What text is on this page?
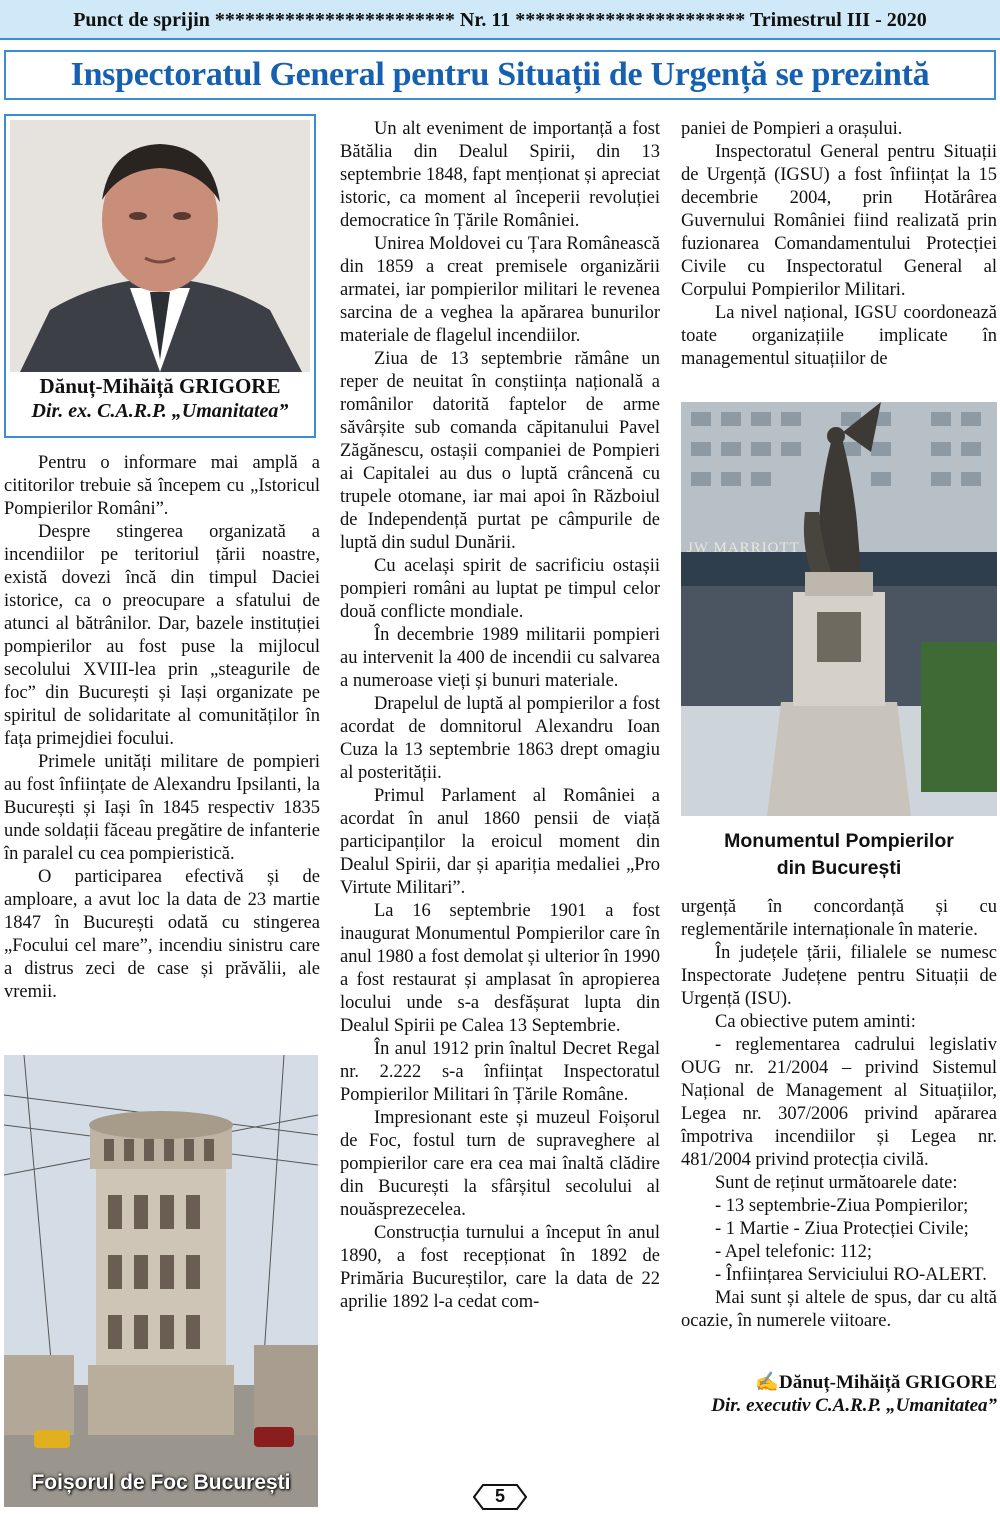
Punct de sprijin ************************ Nr. 11 *********************** Trimestrul III - 2020
Inspectoratul General pentru Situații de Urgență se prezintă
Dănuț-Mihăiță GRIGORE
Dir. ex. C.A.R.P. „Umanitatea”

Pentru o informare mai amplă a cititorilor trebuie să începem cu „Istoricul Pompierilor Români”.

Despre stingerea organizată a incendiilor pe teritoriul țării noastre, există dovezi încă din timpul Daciei istorice, ca o preocupare a sfatului de atunci al bătrânilor. Dar, bazele instituției pompierilor au fost puse la mijlocul secolului XVIII-lea prin „steagurile de foc” din București și Iași organizate pe spiritul de solidaritate al comunităților în fața primejdiei focului.

Primele unități militare de pompieri au fost înființate de Alexandru Ipsilanti, la București și Iași în 1845 respectiv 1835 unde soldații făceau pregătire de infanterie în paralel cu cea pompieristică.

O participarea efectivă și de amploare, a avut loc la data de 23 martie 1847 în București odată cu stingerea „Focului cel mare”, incendiu sinistru care a distrus zeci de case și prăvălii, ale vremii.

Foișorul de Foc București

Un alt eveniment de importanță a fost Bătălia din Dealul Spirii, din 13 septembrie 1848, fapt menționat și apreciat istoric, ca moment al începerii revoluției democratice în Țările României.

Unirea Moldovei cu Țara Românească din 1859 a creat premisele organizării armatei, iar pompierilor militari le revenea sarcina de a veghea la apărarea bunurilor materiale de flagelul incendiilor.

Ziua de 13 septembrie rămâne un reper de neuitat în conștiința națională a românilor datorită faptelor de arme săvârșite sub comanda căpitanului Pavel Zăgănescu, ostașii companiei de Pompieri ai Capitalei au dus o luptă crâncenă cu trupele otomane, iar mai apoi în Războiul de Independență purtat pe câmpurile de luptă din sudul Dunării.

Cu același spirit de sacrificiu ostașii pompieri români au luptat pe timpul celor două conflicte mondiale.

În decembrie 1989 militarii pompieri au intervenit la 400 de incendii cu salvarea a numeroase vieți și bunuri materiale.

Drapelul de luptă al pompierilor a fost acordat de domnitorul Alexandru Ioan Cuza la 13 septembrie 1863 drept omagiu al posterității.

Primul Parlament al României a acordat în anul 1860 pensii de viață participanților la eroicul moment din Dealul Spirii, dar și apariția medaliei „Pro Virtute Militari”.

La 16 septembrie 1901 a fost inaugurat Monumentul Pompierilor care în anul 1980 a fost demolat și ulterior în 1990 a fost restaurat și amplasat în apropierea locului unde s-a desfășurat lupta din Dealul Spirii pe Calea 13 Septembrie.

În anul 1912 prin înaltul Decret Regal nr. 2.222 s-a înființat Inspectoratul Pompierilor Militari în Țările Române.

Impresionant este și muzeul Foișorul de Foc, fostul turn de supraveghere al pompierilor care era cea mai înaltă clădire din București la sfârșitul secolului al nouăsprezecelea.

Construcția turnului a început în anul 1890, a fost recepționat în 1892 de Primăria Bucureștilor, care la data de 22 aprilie 1892 l-a cedat com-

paniei de Pompieri a orașului.

Inspectoratul General pentru Situații de Urgență (IGSU) a fost înființat la 15 decembrie 2004, prin Hotărârea Guvernului României fiind realizată prin fuzionarea Comandamentului Protecției Civile cu Inspectoratul General al Corpului Pompierilor Militari.

La nivel național, IGSU coordonează toate organizațiile implicate în managementul situațiilor de

JW MARRIOTT
Monumentul Pompierilor
din București

urgență în concordanță și cu reglementările internaționale în materie.

În județele țării, filialele se numesc Inspectorate Județene pentru Situații de Urgență (ISU).

Ca obiective putem aminti:

- reglementarea cadrului legislativ OUG nr. 21/2004 – privind Sistemul Național de Management al Situațiilor, Legea nr. 307/2006 privind apărarea împotriva incendiilor și Legea nr. 481/2004 privind protecția civilă.

Sunt de reținut următoarele date:

- 13 septembrie-Ziua Pompierilor;

- 1 Martie - Ziua Protecției Civile;

- Apel telefonic: 112;

- Înființarea Serviciului RO-ALERT.

Mai sunt și altele de spus, dar cu altă ocazie, în numerele viitoare.

✍Dănuț-Mihăiță GRIGORE
Dir. executiv C.A.R.P. „Umanitatea”
5
